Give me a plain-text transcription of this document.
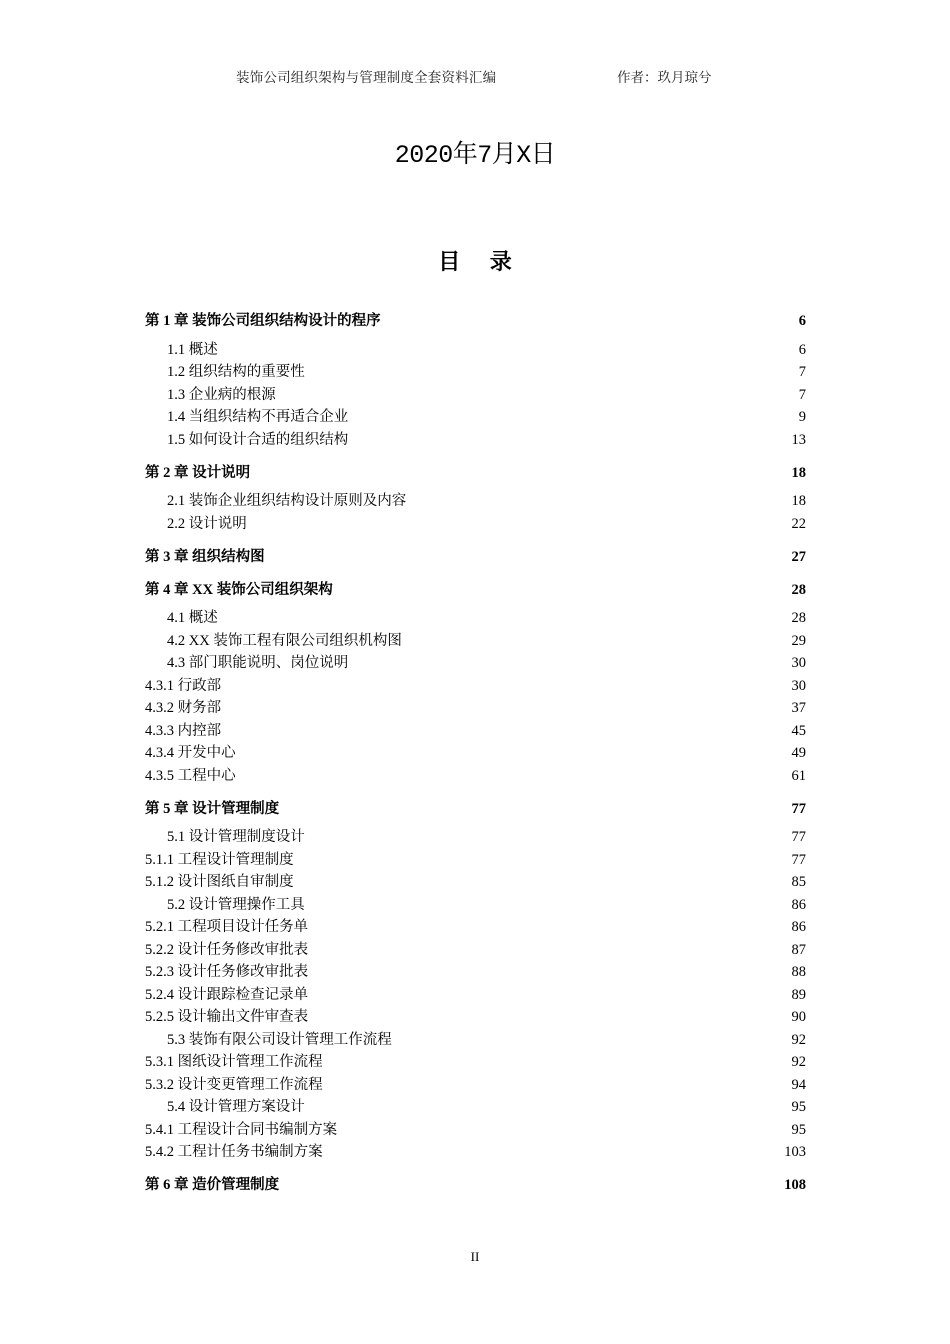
装饰公司组织架构与管理制度全套资料汇编	作者：玖月琼兮
2020年7月X日
目 录
第 1 章 装饰公司组织结构设计的程序 .....	6
1.1 概述 .....	6
1.2 组织结构的重要性 .....	7
1.3 企业病的根源 .....	7
1.4 当组织结构不再适合企业 .....	9
1.5 如何设计合适的组织结构 .....	13
第 2 章 设计说明 .....	18
2.1 装饰企业组织结构设计原则及内容 .....	18
2.2 设计说明 .....	22
第 3 章 组织结构图 .....	27
第 4 章 XX 装饰公司组织架构 .....	28
4.1 概述 .....	28
4.2 XX 装饰工程有限公司组织机构图 .....	29
4.3 部门职能说明、岗位说明 .....	30
4.3.1 行政部 .....	30
4.3.2 财务部 .....	37
4.3.3 内控部 .....	45
4.3.4 开发中心 .....	49
4.3.5 工程中心 .....	61
第 5 章 设计管理制度 .....	77
5.1 设计管理制度设计 .....	77
5.1.1 工程设计管理制度 .....	77
5.1.2 设计图纸自审制度 .....	85
5.2 设计管理操作工具 .....	86
5.2.1 工程项目设计任务单 .....	86
5.2.2 设计任务修改审批表 .....	87
5.2.3 设计任务修改审批表 .....	88
5.2.4 设计跟踪检查记录单 .....	89
5.2.5 设计输出文件审查表 .....	90
5.3 装饰有限公司设计管理工作流程 .....	92
5.3.1 图纸设计管理工作流程 .....	92
5.3.2 设计变更管理工作流程 .....	94
5.4 设计管理方案设计 .....	95
5.4.1 工程设计合同书编制方案 .....	95
5.4.2 工程计任务书编制方案 .....	103
第 6 章 造价管理制度 .....	108
II
